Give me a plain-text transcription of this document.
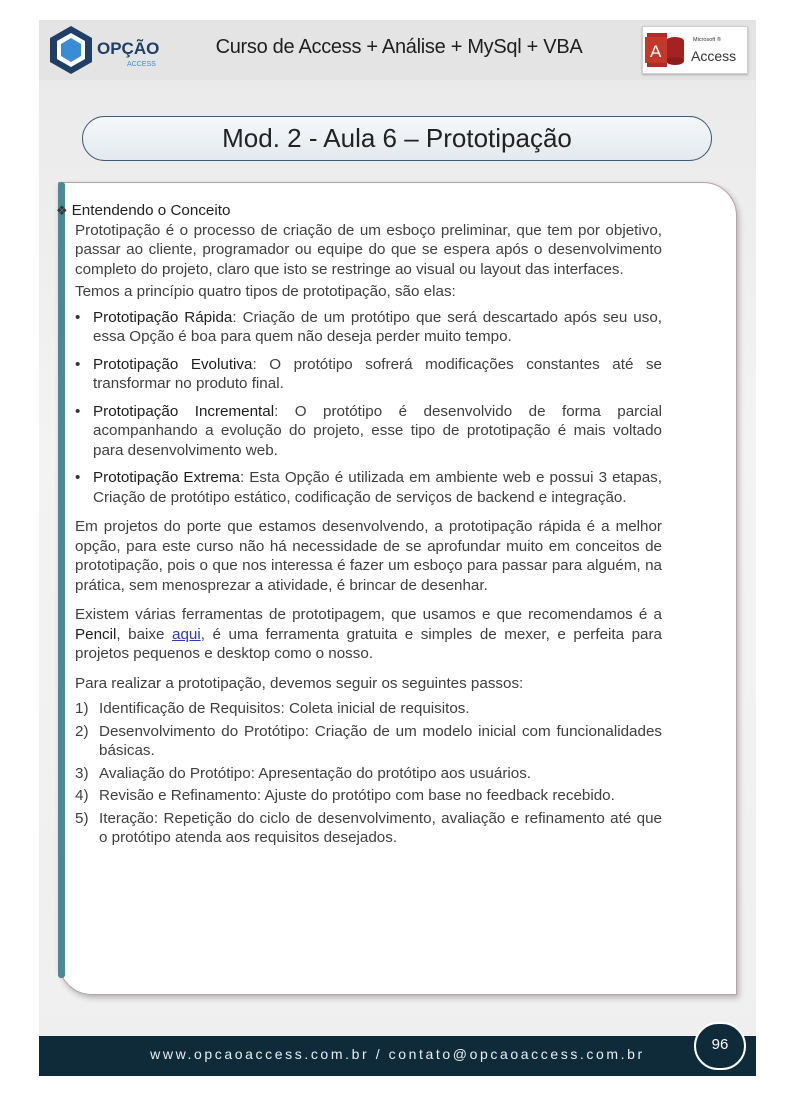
OPÇÃO
ACCESS
Curso de Access + Análise + MySql + VBA	A
Microsoft ®
Access
Mod. 2 - Aula 6 – Prototipação
www.opcaoaccess.com.br / contato@opcaoaccess.com.br
96

❖ Entendendo o Conceito

Prototipação é o processo de criação de um esboço preliminar, que tem por objetivo, passar ao cliente, programador ou equipe do que se espera após o desenvolvimento completo do projeto, claro que isto se restringe ao visual ou layout das interfaces.

Temos a princípio quatro tipos de prototipação, são elas:

• Prototipação Rápida: Criação de um protótipo que será descartado após seu uso, essa Opção é boa para quem não deseja perder muito tempo.
• Prototipação Evolutiva: O protótipo sofrerá modificações constantes até se transformar no produto final.
• Prototipação Incremental: O protótipo é desenvolvido de forma parcial acompanhando a evolução do projeto, esse tipo de prototipação é mais voltado para desenvolvimento web.
• Prototipação Extrema: Esta Opção é utilizada em ambiente web e possui 3 etapas, Criação de protótipo estático, codificação de serviços de backend e integração.

Em projetos do porte que estamos desenvolvendo, a prototipação rápida é a melhor opção, para este curso não há necessidade de se aprofundar muito em conceitos de prototipação, pois o que nos interessa é fazer um esboço para passar para alguém, na prática, sem menosprezar a atividade, é brincar de desenhar.

Existem várias ferramentas de prototipagem, que usamos e que recomendamos é a Pencil, baixe aqui, é uma ferramenta gratuita e simples de mexer, e perfeita para projetos pequenos e desktop como o nosso.

Para realizar a prototipação, devemos seguir os seguintes passos:

1) Identificação de Requisitos: Coleta inicial de requisitos.
2) Desenvolvimento do Protótipo: Criação de um modelo inicial com funcionalidades básicas.
3) Avaliação do Protótipo: Apresentação do protótipo aos usuários.
4) Revisão e Refinamento: Ajuste do protótipo com base no feedback recebido.
5) Iteração: Repetição do ciclo de desenvolvimento, avaliação e refinamento até que o protótipo atenda aos requisitos desejados.
